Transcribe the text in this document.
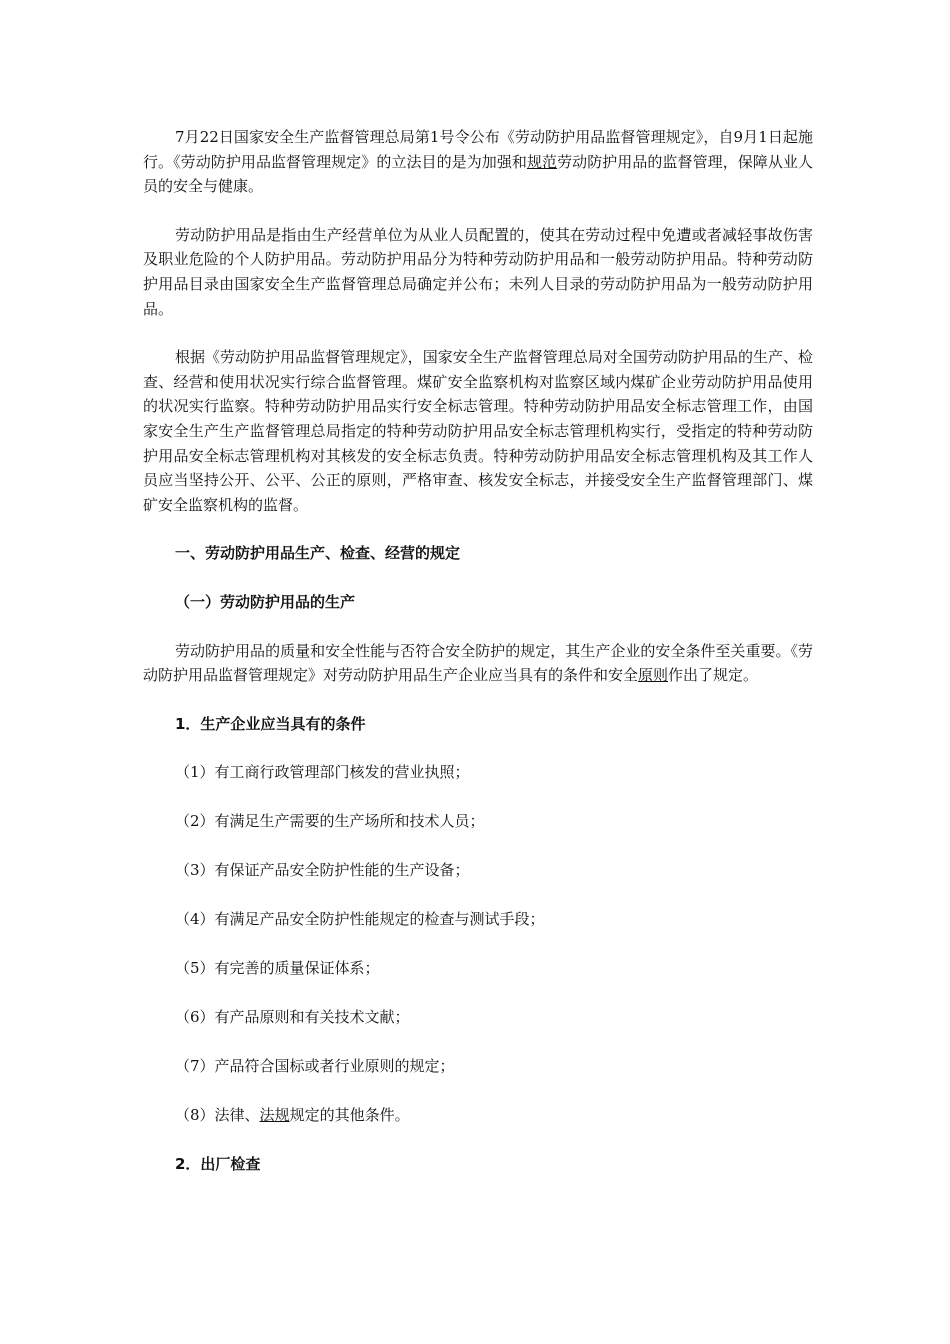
7月22日国家安全生产监督管理总局第1号令公布《劳动防护用品监督管理规定》，自9月1日起施行。《劳动防护用品监督管理规定》的立法目的是为加强和规范劳动防护用品的监督管理，保障从业人员的安全与健康。

劳动防护用品是指由生产经营单位为从业人员配置的，使其在劳动过程中免遭或者减轻事故伤害及职业危险的个人防护用品。劳动防护用品分为特种劳动防护用品和一般劳动防护用品。特种劳动防护用品目录由国家安全生产监督管理总局确定并公布；未列人目录的劳动防护用品为一般劳动防护用品。

根据《劳动防护用品监督管理规定》，国家安全生产监督管理总局对全国劳动防护用品的生产、检查、经营和使用状况实行综合监督管理。煤矿安全监察机构对监察区域内煤矿企业劳动防护用品使用的状况实行监察。特种劳动防护用品实行安全标志管理。特种劳动防护用品安全标志管理工作，由国家安全生产生产监督管理总局指定的特种劳动防护用品安全标志管理机构实行，受指定的特种劳动防护用品安全标志管理机构对其核发的安全标志负责。特种劳动防护用品安全标志管理机构及其工作人员应当坚持公开、公平、公正的原则，严格审查、核发安全标志，并接受安全生产监督管理部门、煤矿安全监察机构的监督。

一、劳动防护用品生产、检查、经营的规定

（一）劳动防护用品的生产

劳动防护用品的质量和安全性能与否符合安全防护的规定，其生产企业的安全条件至关重要。《劳动防护用品监督管理规定》对劳动防护用品生产企业应当具有的条件和安全原则作出了规定。

1．生产企业应当具有的条件

（1）有工商行政管理部门核发的营业执照；

（2）有满足生产需要的生产场所和技术人员；

（3）有保证产品安全防护性能的生产设备；

（4）有满足产品安全防护性能规定的检查与测试手段；

（5）有完善的质量保证体系；

（6）有产品原则和有关技术文献；

（7）产品符合国标或者行业原则的规定；

（8）法律、法规规定的其他条件。

2．出厂检查
